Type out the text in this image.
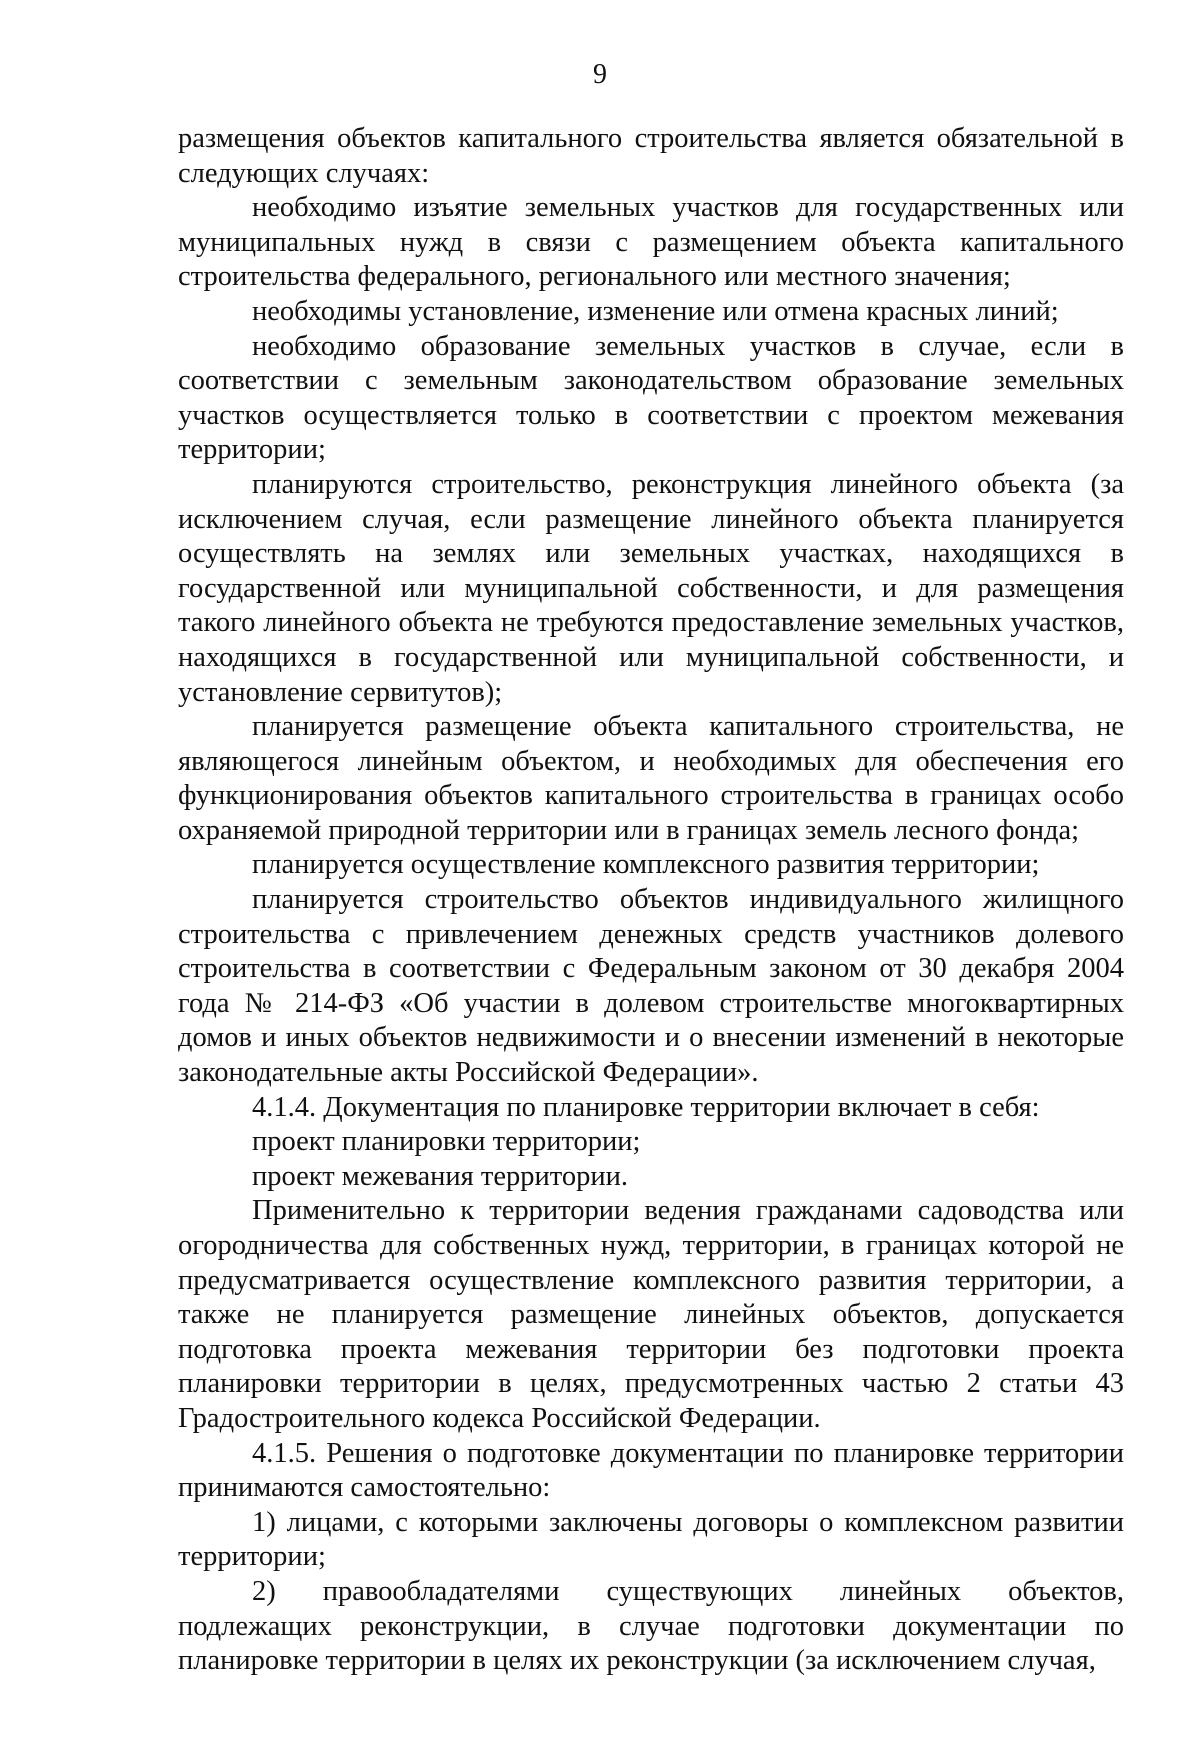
9

размещения объектов капитального строительства является обязательной в следующих случаях:

необходимо изъятие земельных участков для государственных или муниципальных нужд в связи с размещением объекта капитального строительства федерального, регионального или местного значения;

необходимы установление, изменение или отмена красных линий;

необходимо образование земельных участков в случае, если в соответствии с земельным законодательством образование земельных участков осуществляется только в соответствии с проектом межевания территории;

планируются строительство, реконструкция линейного объекта (за исключением случая, если размещение линейного объекта планируется осуществлять на землях или земельных участках, находящихся в государственной или муниципальной собственности, и для размещения такого линейного объекта не требуются предоставление земельных участков, находящихся в государственной или муниципальной собственности, и установление сервитутов);

планируется размещение объекта капитального строительства, не являющегося линейным объектом, и необходимых для обеспечения его функционирования объектов капитального строительства в границах особо охраняемой природной территории или в границах земель лесного фонда;

планируется осуществление комплексного развития территории;

планируется строительство объектов индивидуального жилищного строительства с привлечением денежных средств участников долевого строительства в соответствии с Федеральным законом от 30 декабря 2004 года № 214-ФЗ «Об участии в долевом строительстве многоквартирных домов и иных объектов недвижимости и о внесении изменений в некоторые законодательные акты Российской Федерации».

4.1.4. Документация по планировке территории включает в себя:

проект планировки территории;

проект межевания территории.

Применительно к территории ведения гражданами садоводства или огородничества для собственных нужд, территории, в границах которой не предусматривается осуществление комплексного развития территории, а также не планируется размещение линейных объектов, допускается подготовка проекта межевания территории без подготовки проекта планировки территории в целях, предусмотренных частью 2 статьи 43 Градостроительного кодекса Российской Федерации.

4.1.5. Решения о подготовке документации по планировке территории принимаются самостоятельно:

1) лицами, с которыми заключены договоры о комплексном развитии территории;

2) правообладателями существующих линейных объектов, подлежащих реконструкции, в случае подготовки документации по планировке территории в целях их реконструкции (за исключением случая,
